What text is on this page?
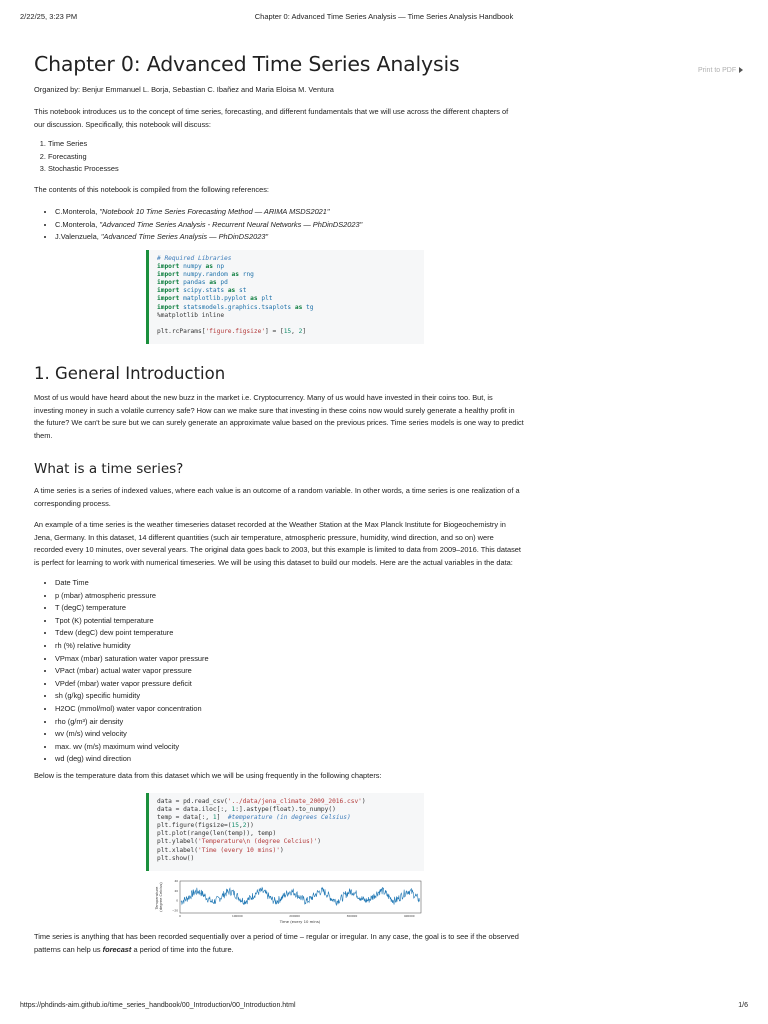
2/22/25, 3:23 PM	Chapter 0: Advanced Time Series Analysis — Time Series Analysis Handbook
Print to PDF
Chapter 0: Advanced Time Series Analysis

Organized by: Benjur Emmanuel L. Borja, Sebastian C. Ibañez and Maria Eloisa M. Ventura

This notebook introduces us to the concept of time series, forecasting, and different fundamentals that we will use across the different chapters of
our discussion. Specifically, this notebook will discuss:

1. Time Series
2. Forecasting
3. Stochastic Processes

The contents of this notebook is compiled from the following references:

• C.Monterola, "Notebook 10 Time Series Forecasting Method — ARIMA MSDS2021"
• C.Monterola, "Advanced Time Series Analysis - Recurrent Neural Networks — PhDinDS2023"
• J.Valenzuela, "Advanced Time Series Analysis — PhDinDS2023"
# Required Libraries
import numpy as np
import numpy.random as rng
import pandas as pd
import scipy.stats as st
import matplotlib.pyplot as plt
import statsmodels.graphics.tsaplots as tg
%matplotlib inline

plt.rcParams['figure.figsize'] = [15, 2]
1. General Introduction

Most of us would have heard about the new buzz in the market i.e. Cryptocurrency. Many of us would have invested in their coins too. But, is
investing money in such a volatile currency safe? How can we make sure that investing in these coins now would surely generate a healthy profit in
the future? We can't be sure but we can surely generate an approximate value based on the previous prices. Time series models is one way to predict
them.

What is a time series?

A time series is a series of indexed values, where each value is an outcome of a random variable. In other words, a time series is one realization of a
corresponding process.

An example of a time series is the weather timeseries dataset recorded at the Weather Station at the Max Planck Institute for Biogeochemistry in
Jena, Germany. In this dataset, 14 different quantities (such air temperature, atmospheric pressure, humidity, wind direction, and so on) were
recorded every 10 minutes, over several years. The original data goes back to 2003, but this example is limited to data from 2009–2016. This dataset
is perfect for learning to work with numerical timeseries. We will be using this dataset to build our models. Here are the actual variables in the data:

• Date Time
• p (mbar) atmospheric pressure
• T (degC) temperature
• Tpot (K) potential temperature
• Tdew (degC) dew point temperature
• rh (%) relative humidity
• VPmax (mbar) saturation water vapor pressure
• VPact (mbar) actual water vapor pressure
• VPdef (mbar) water vapor pressure deficit
• sh (g/kg) specific humidity
• H2OC (mmol/mol) water vapor concentration
• rho (g/m³) air density
• wv (m/s) wind velocity
• max. wv (m/s) maximum wind velocity
• wd (deg) wind direction

Below is the temperature data from this dataset which we will be using frequently in the following chapters:

data = pd.read_csv('../data/jena_climate_2009_2016.csv')
data = data.iloc[:, 1:].astype(float).to_numpy()
temp = data[:, 1]  #temperature (in degrees Celsius)
plt.figure(figsize=(15,2))
plt.plot(range(len(temp)), temp)
plt.ylabel('Temperature\n (degree Celcius)')
plt.xlabel('Time (every 10 mins)')
plt.show()
40
20
0
−20
0	100000	200000	300000	400000
Temperature(degree Celcius)
Time (every 10 mins)

Time series is anything that has been recorded sequentially over a period of time – regular or irregular. In any case, the goal is to see if the observed
patterns can help us forecast a period of time into the future.

https://phdinds-aim.github.io/time_series_handbook/00_Introduction/00_Introduction.html	1/6
